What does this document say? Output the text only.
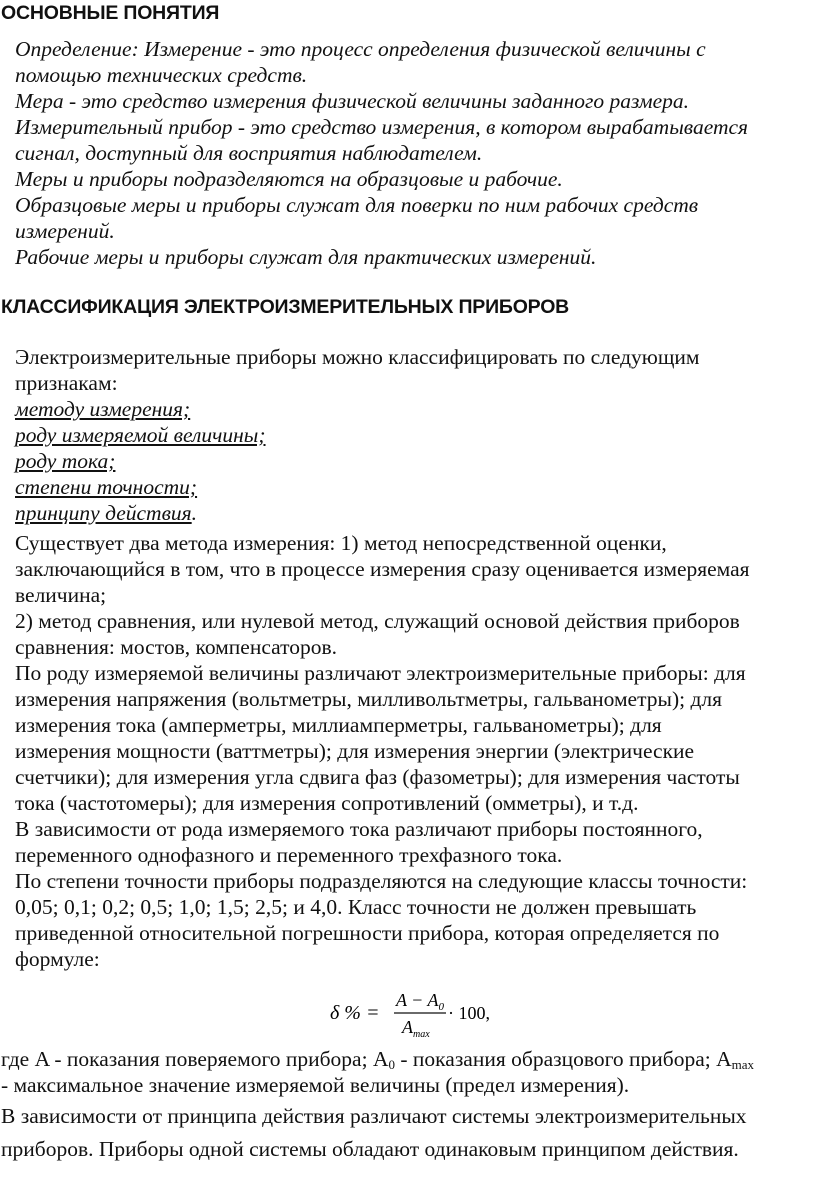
ОСНОВНЫЕ ПОНЯТИЯ
Определение: Измерение - это процесс определения физической величины с
помощью технических средств.
Мера - это средство измерения физической величины заданного размера.
Измерительный прибор - это средство измерения, в котором вырабатывается
сигнал, доступный для восприятия наблюдателем.
Меры и приборы подразделяются на образцовые и рабочие.
Образцовые меры и приборы служат для поверки по ним рабочих средств
измерений.
Рабочие меры и приборы служат для практических измерений.
КЛАССИФИКАЦИЯ ЭЛЕКТРОИЗМЕРИТЕЛЬНЫХ ПРИБОРОВ
Электроизмерительные приборы можно классифицировать по следующим
признакам:
методу измерения;
роду измеряемой величины;
роду тока;
степени точности;
принципу действия.
Существует два метода измерения: 1) метод непосредственной оценки,
заключающийся в том, что в процессе измерения сразу оценивается измеряемая
величина;
2) метод сравнения, или нулевой метод, служащий основой действия приборов
сравнения: мостов, компенсаторов.
По роду измеряемой величины различают электроизмерительные приборы: для
измерения напряжения (вольтметры, милливольтметры, гальванометры); для
измерения тока (амперметры, миллиамперметры, гальванометры); для
измерения мощности (ваттметры); для измерения энергии (электрические
счетчики); для измерения угла сдвига фаз (фазометры); для измерения частоты
тока (частотомеры); для измерения сопротивлений (омметры), и т.д.
В зависимости от рода измеряемого тока различают приборы постоянного,
переменного однофазного и переменного трехфазного тока.
По степени точности приборы подразделяются на следующие классы точности:
0,05; 0,1; 0,2; 0,5; 1,0; 1,5; 2,5; и 4,0. Класс точности не должен превышать
приведенной относительной погрешности прибора, которая определяется по
формуле:
δ % =
$A - A_0$
$A_{max}$
· 100,
где A - показания поверяемого прибора; $A_0$ - показания образцового прибора; $A_{max}$
- максимальное значение измеряемой величины (предел измерения).
В зависимости от принципа действия различают системы электроизмерительных
приборов. Приборы одной системы обладают одинаковым принципом действия.
